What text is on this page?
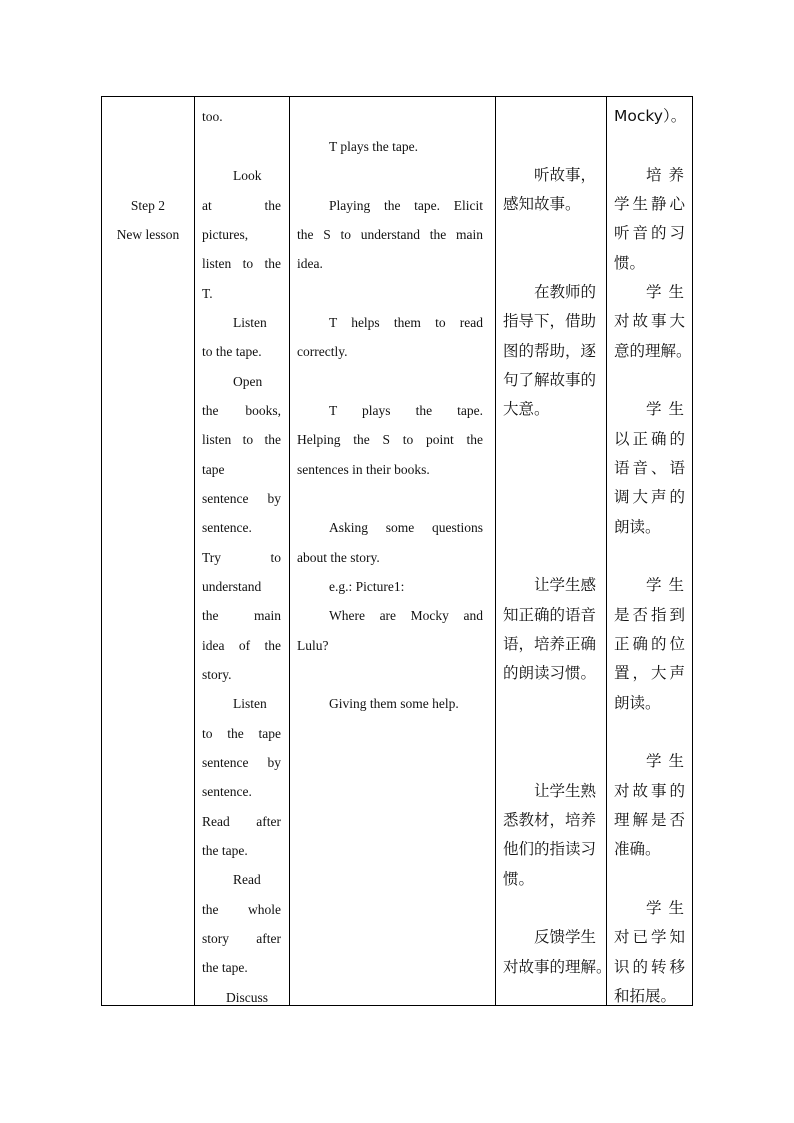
Step 2
New lesson
too.
Look
at the
pictures,
listen to the
T.
Listen
to the tape.
Open
the books,
listen to the
tape
sentence by
sentence.
Try to
understand
the main
idea of the
story.
Listen
to the tape
sentence by
sentence.
Read after
the tape.
Read
the whole
story after
the tape.
Discuss
T plays the tape.
Playing the tape. Elicit
the S to understand the main
idea.
T helps them to read
correctly.
T plays the tape.
Helping the S to point the
sentences in their books.
Asking some questions
about the story.
e.g.: Picture1:
Where are Mocky and
Lulu?
Giving them some help.
听故事，
感知故事。
在教师的
指导下，借助
图的帮助，逐
句了解故事的
大意。
让学生感
知正确的语音
语，培养正确
的朗读习惯。
让学生熟
悉教材，培养
他们的指读习
惯。
反馈学生
对故事的理解。
Mocky）。
培养
学生静心
听音的习
惯。
学生
对故事大
意的理解。
学生
以正确的
语音、语
调大声的
朗读。
学生
是否指到
正确的位
置，大声
朗读。
学生
对故事的
理解是否
准确。
学生
对已学知
识的转移
和拓展。
